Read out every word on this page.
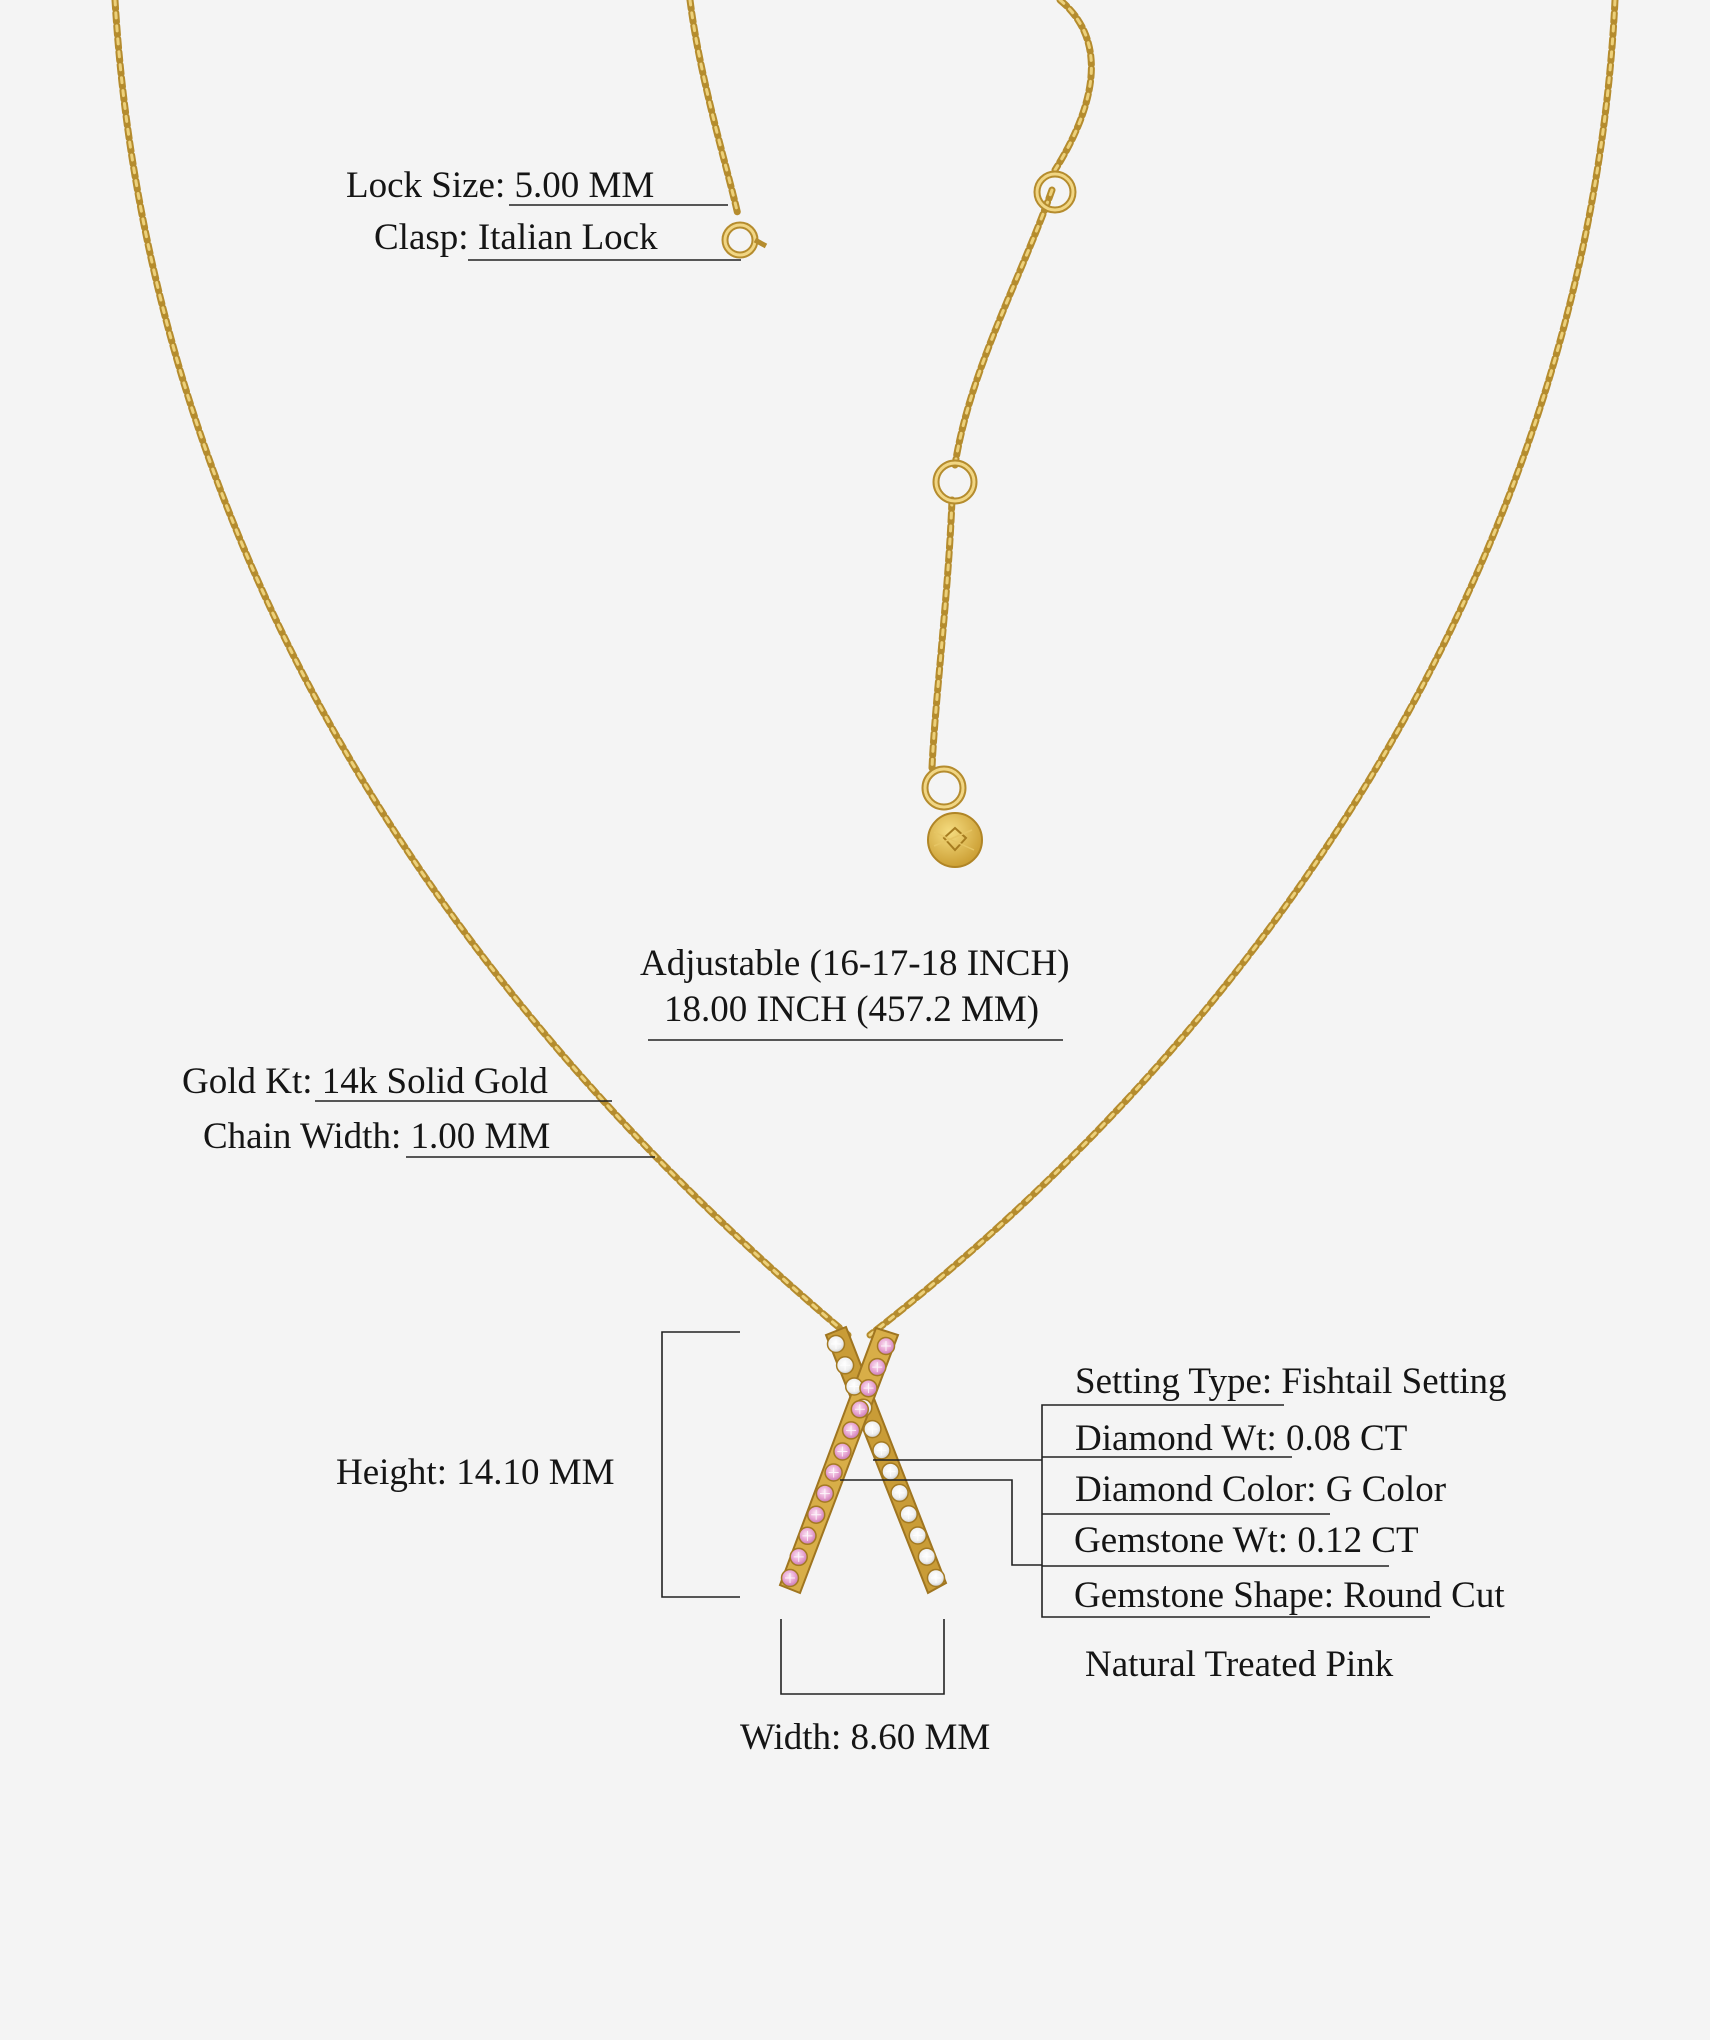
Lock Size: 5.00 MM
Clasp: Italian Lock
Adjustable (16-17-18 INCH)
18.00 INCH (457.2 MM)
Gold Kt: 14k Solid Gold
Chain Width: 1.00 MM
Height: 14.10 MM
Width: 8.60 MM
Setting Type: Fishtail Setting
Diamond Wt: 0.08 CT
Diamond Color: G Color
Gemstone Wt: 0.12 CT
Gemstone Shape: Round Cut
Natural Treated Pink
